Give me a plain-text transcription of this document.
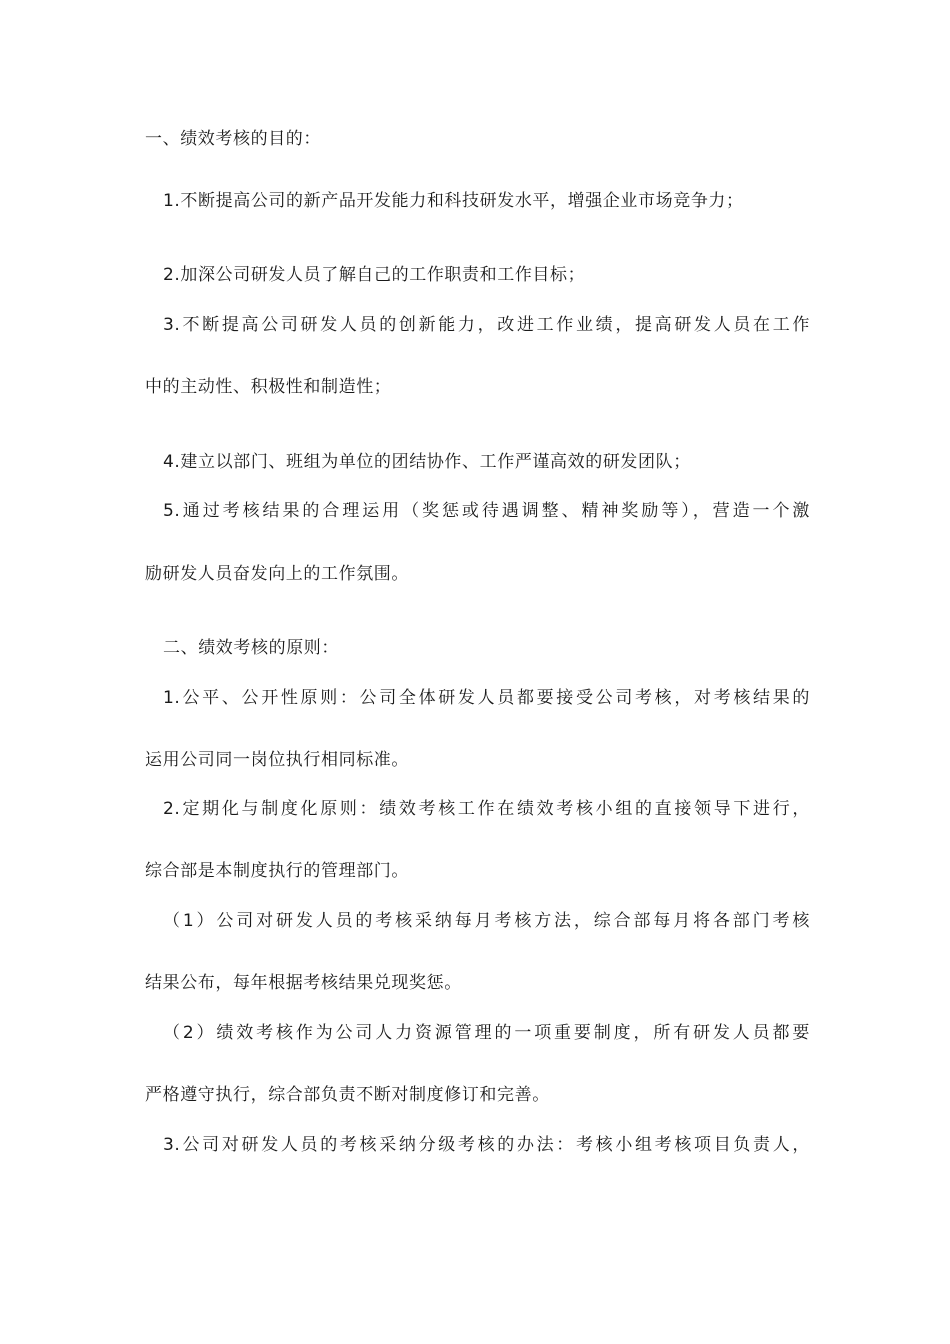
一、绩效考核的目的：
1.不断提高公司的新产品开发能力和科技研发水平，增强企业市场竞争力；
2.加深公司研发人员了解自己的工作职责和工作目标；
3.不断提高公司研发人员的创新能力，改进工作业绩，提高研发人员在工作
中的主动性、积极性和制造性；
4.建立以部门、班组为单位的团结协作、工作严谨高效的研发团队；
5.通过考核结果的合理运用（奖惩或待遇调整、精神奖励等），营造一个激
励研发人员奋发向上的工作氛围。
二、绩效考核的原则：
1.公平、公开性原则：公司全体研发人员都要接受公司考核，对考核结果的
运用公司同一岗位执行相同标准。
2.定期化与制度化原则：绩效考核工作在绩效考核小组的直接领导下进行，
综合部是本制度执行的管理部门。
（1）公司对研发人员的考核采纳每月考核方法，综合部每月将各部门考核
结果公布，每年根据考核结果兑现奖惩。
（2）绩效考核作为公司人力资源管理的一项重要制度，所有研发人员都要
严格遵守执行，综合部负责不断对制度修订和完善。
3.公司对研发人员的考核采纳分级考核的办法：考核小组考核项目负责人，
